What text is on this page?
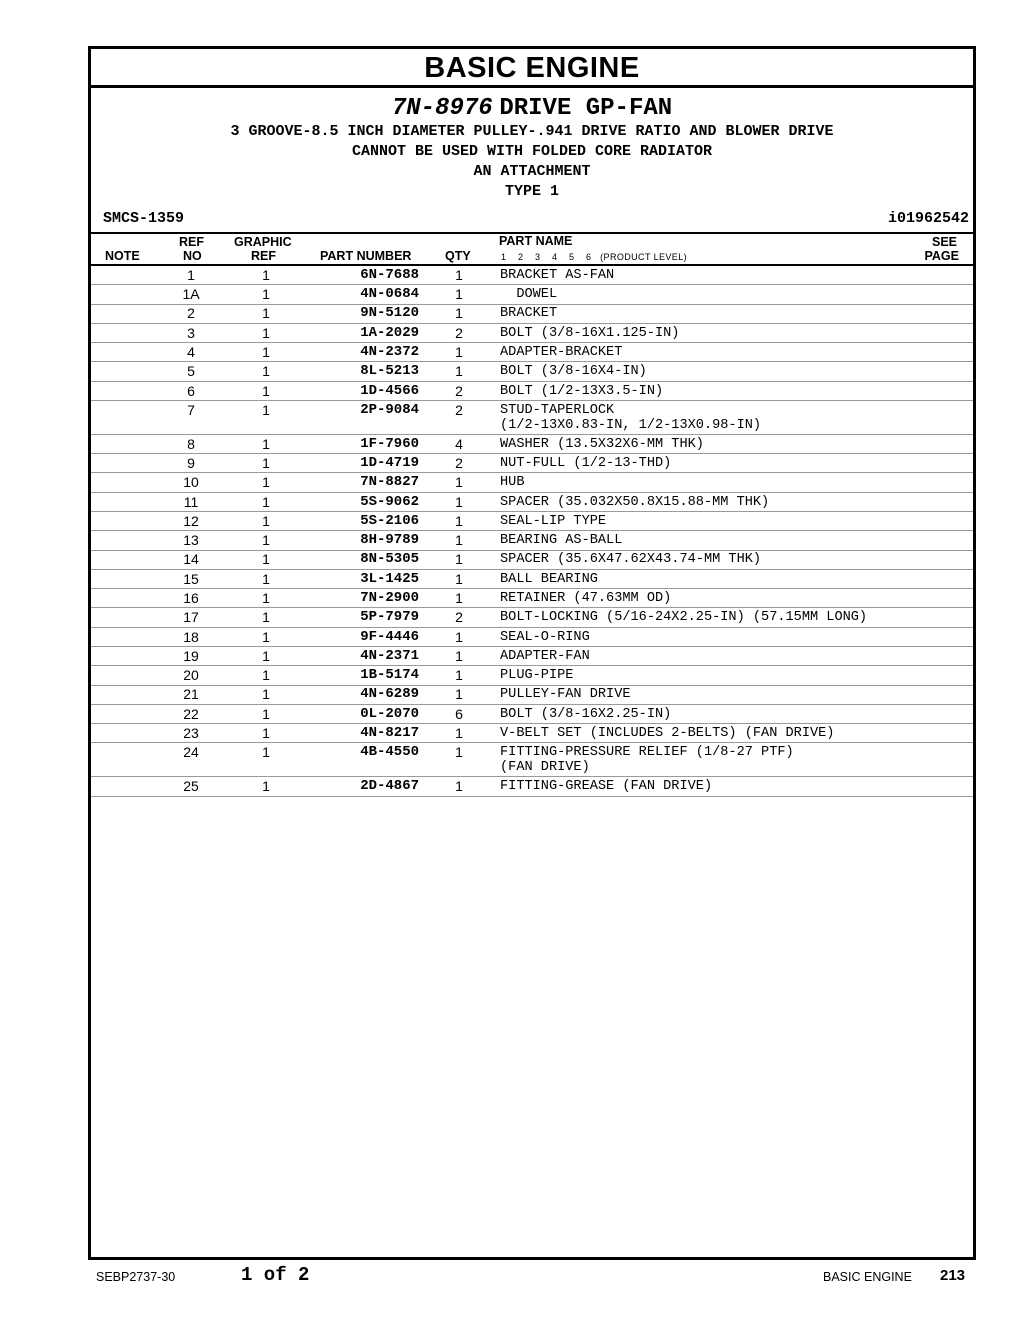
BASIC ENGINE
7N-8976 DRIVE GP-FAN
3 GROOVE-8.5 INCH DIAMETER PULLEY-.941 DRIVE RATIO AND BLOWER DRIVE
CANNOT BE USED WITH FOLDED CORE RADIATOR
AN ATTACHMENT
TYPE 1
SMCS-1359	i01962542
NOTE
REF
NO
GRAPHIC
REF	PART NUMBER	QTY
PART NAME
1    2    3    4    5    6   (PRODUCT LEVEL)
SEE
PAGE
1	1	6N-7688	1	BRACKET AS-FAN
1A	1	4N-0684	1	DOWEL
2	1	9N-5120	1	BRACKET
3	1	1A-2029	2	BOLT (3/8-16X1.125-IN)
4	1	4N-2372	1	ADAPTER-BRACKET
5	1	8L-5213	1	BOLT (3/8-16X4-IN)
6	1	1D-4566	2	BOLT (1/2-13X3.5-IN)
7	1	2P-9084	2	STUD-TAPERLOCK
(1/2-13X0.83-IN, 1/2-13X0.98-IN)
8	1	1F-7960	4	WASHER (13.5X32X6-MM THK)
9	1	1D-4719	2	NUT-FULL (1/2-13-THD)
10	1	7N-8827	1	HUB
11	1	5S-9062	1	SPACER (35.032X50.8X15.88-MM THK)
12	1	5S-2106	1	SEAL-LIP TYPE
13	1	8H-9789	1	BEARING AS-BALL
14	1	8N-5305	1	SPACER (35.6X47.62X43.74-MM THK)
15	1	3L-1425	1	BALL BEARING
16	1	7N-2900	1	RETAINER (47.63MM OD)
17	1	5P-7979	2	BOLT-LOCKING (5/16-24X2.25-IN) (57.15MM LONG)
18	1	9F-4446	1	SEAL-O-RING
19	1	4N-2371	1	ADAPTER-FAN
20	1	1B-5174	1	PLUG-PIPE
21	1	4N-6289	1	PULLEY-FAN DRIVE
22	1	0L-2070	6	BOLT (3/8-16X2.25-IN)
23	1	4N-8217	1	V-BELT SET (INCLUDES 2-BELTS) (FAN DRIVE)
24	1	4B-4550	1	FITTING-PRESSURE RELIEF (1/8-27 PTF)
(FAN DRIVE)
25	1	2D-4867	1	FITTING-GREASE (FAN DRIVE)
SEBP2737-30	1 of 2	BASIC ENGINE 213
